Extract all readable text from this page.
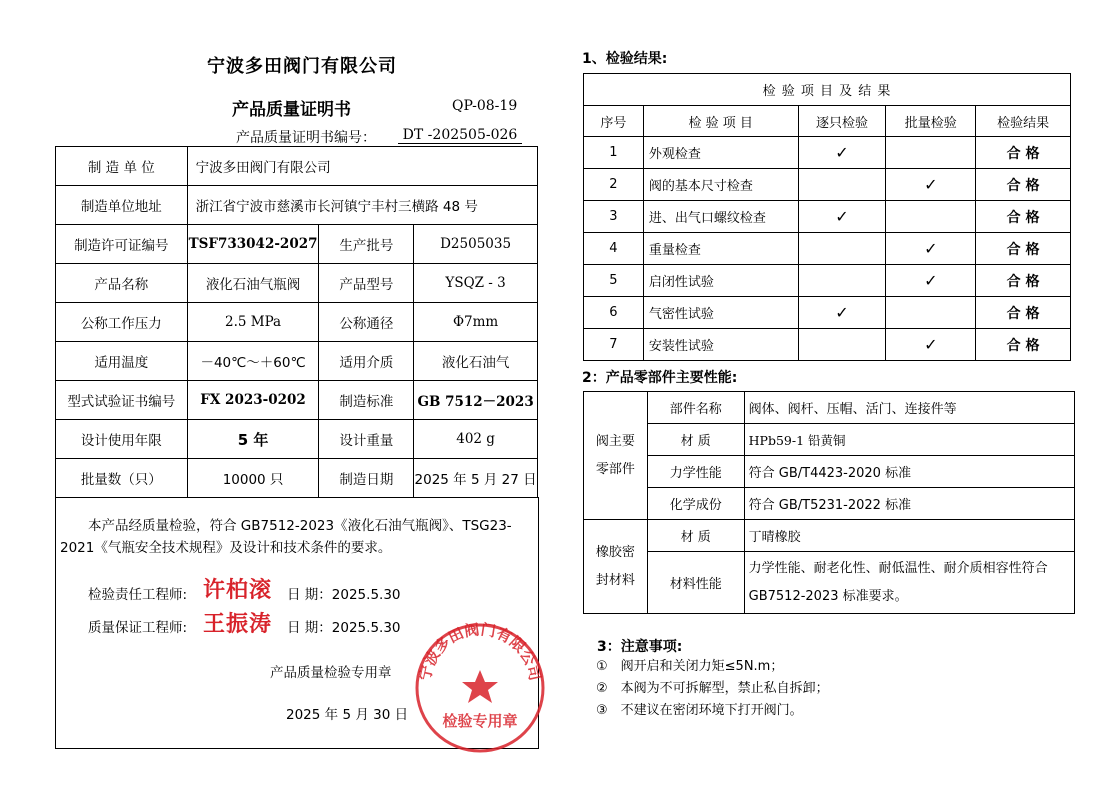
宁波多田阀门有限公司
产品质量证明书	QP-08-19
产品质量证明书编号：	DT -202505-026
制 造 单 位	宁波多田阀门有限公司		
制造单位地址	浙江省宁波市慈溪市长河镇宁丰村三横路 48 号		
制造许可证编号	TSF733042-2027	生产批号	D2505035
产品名称	液化石油气瓶阀	产品型号	YSQZ - 3
公称工作压力	2.5 MPa	公称通径	Φ7mm
适用温度	－40℃～＋60℃	适用介质	液化石油气
型式试验证书编号	FX 2023-0202	制造标准	GB 7512－2023
设计使用年限	5 年	设计重量	402 g
批量数（只）	10000 只	制造日期	2025 年 5 月 27 日
本产品经质量检验，符合 GB7512-2023《液化石油气瓶阀》、TSG23-2021《气瓶安全技术规程》及设计和技术条件的要求。
检验责任工程师: 许柏滚 日 期：2025.5.30
质量保证工程师: 王振涛 日 期：2025.5.30
产品质量检验专用章
2025 年 5 月 30 日
宁波多田阀门有限公司
检验专用章
1、检验结果:
检 验 项 目 及 结 果				
序号	检 验 项 目	逐只检验	批量检验	检验结果
1	外观检查	✓		合 格
2	阀的基本尺寸检查		✓	合 格
3	进、出气口螺纹检查	✓		合 格
4	重量检查		✓	合 格
5	启闭性试验		✓	合 格
6	气密性试验	✓		合 格
7	安装性试验		✓	合 格
2：产品零部件主要性能:
阀主要
零部件	部件名称	阀体、阀杆、压帽、活门、连接件等
	材 质	HPb59-1 铅黄铜
	力学性能	符合 GB/T4423-2020 标准
	化学成份	符合 GB/T5231-2022 标准

橡胶密
封材料	材 质	丁晴橡胶
	材料性能	力学性能、耐老化性、耐低温性、耐介质相容性符合
GB7512-2023 标准要求。
3：注意事项:
①　阀开启和关闭力矩≤5N.m；
②　本阀为不可拆解型，禁止私自拆卸；
③　不建议在密闭环境下打开阀门。
